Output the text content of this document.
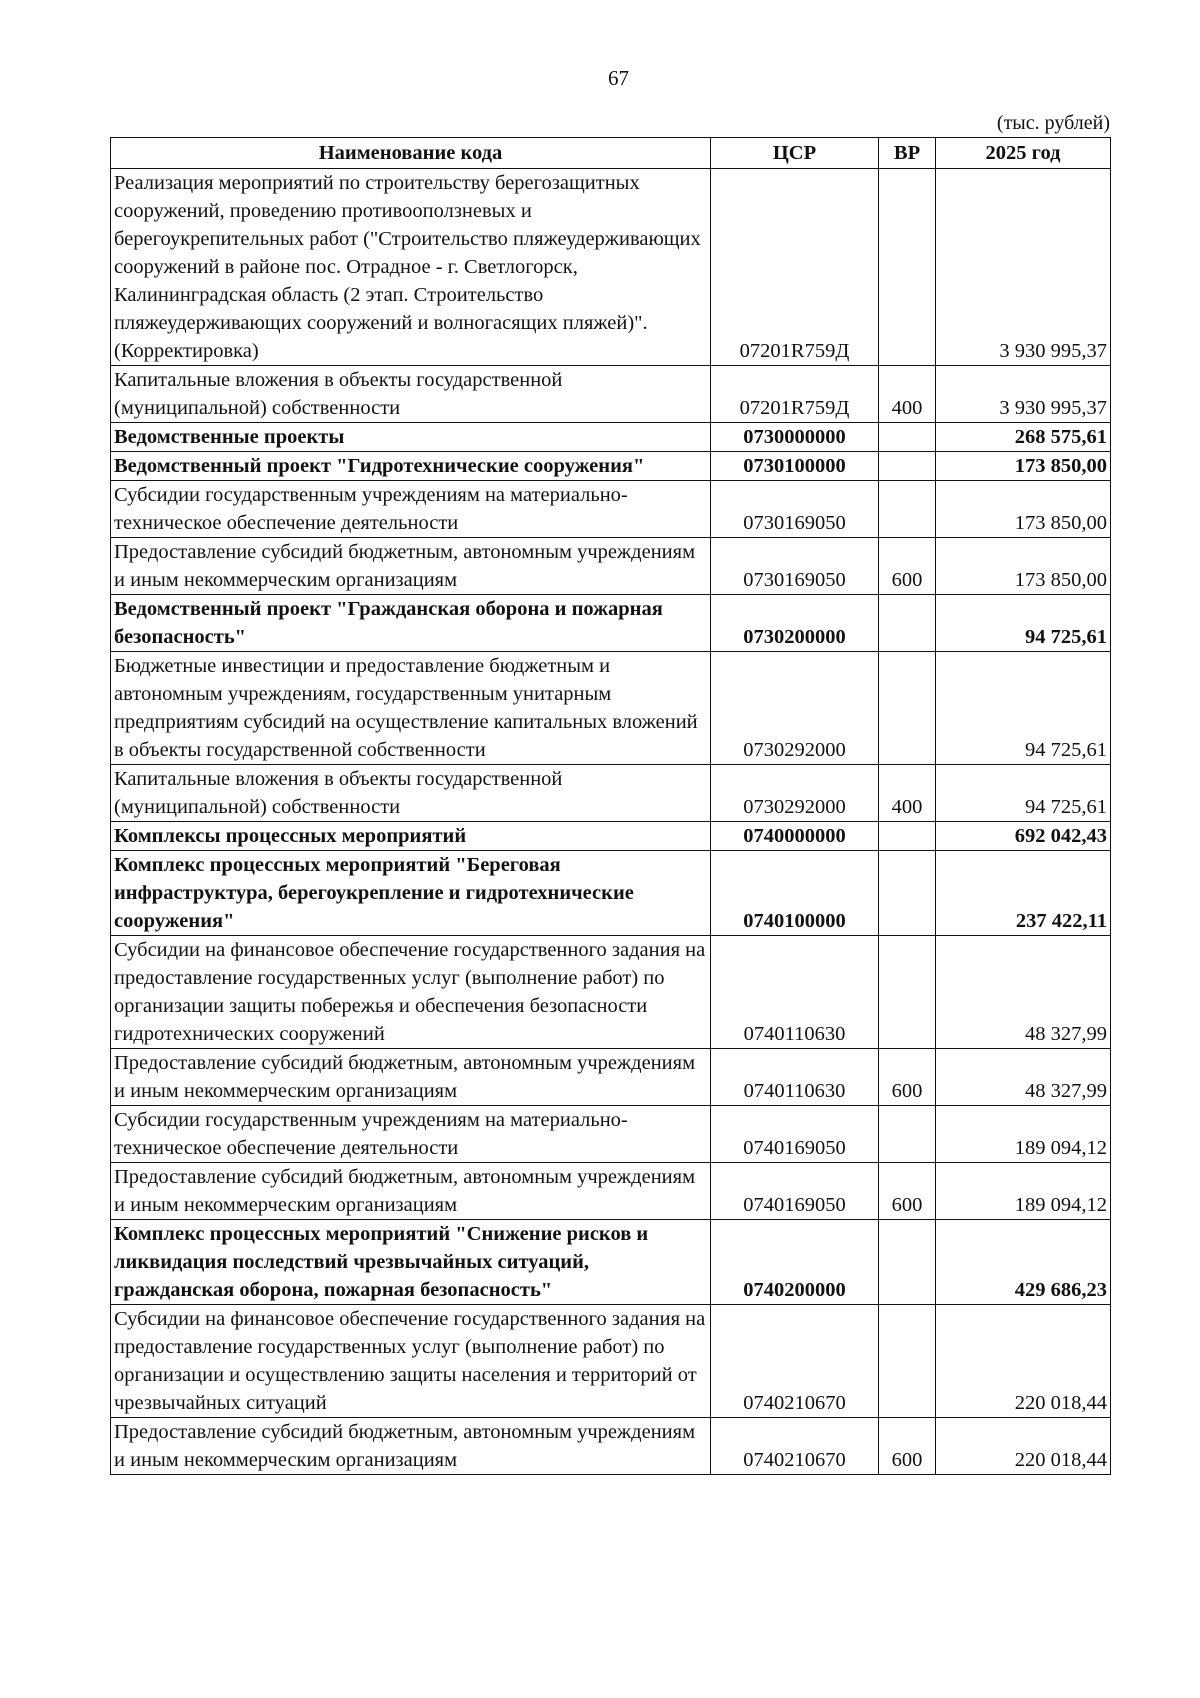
67
(тыс. рублей)
Наименование кода	ЦСР	ВР	2025 год
Реализация мероприятий по строительству берегозащитных сооружений, проведению противооползневых и берегоукрепительных работ ("Строительство пляжеудерживающих сооружений в районе пос. Отрадное - г. Светлогорск, Калининградская область (2 этап. Строительство пляжеудерживающих сооружений и волногасящих пляжей)". (Корректировка)	07201R759Д		3 930 995,37
Капитальные вложения в объекты государственной (муниципальной) собственности	07201R759Д	400	3 930 995,37
Ведомственные проекты	0730000000		268 575,61
Ведомственный проект "Гидротехнические сооружения"	0730100000		173 850,00
Субсидии государственным учреждениям на материально-техническое обеспечение деятельности	0730169050		173 850,00
Предоставление субсидий бюджетным, автономным учреждениям и иным некоммерческим организациям	0730169050	600	173 850,00
Ведомственный проект "Гражданская оборона и пожарная безопасность"	0730200000		94 725,61
Бюджетные инвестиции и предоставление бюджетным и автономным учреждениям, государственным унитарным предприятиям субсидий на осуществление капитальных вложений в объекты государственной собственности	0730292000		94 725,61
Капитальные вложения в объекты государственной (муниципальной) собственности	0730292000	400	94 725,61
Комплексы процессных мероприятий	0740000000		692 042,43
Комплекс процессных мероприятий "Береговая инфраструктура, берегоукрепление и гидротехнические сооружения"	0740100000		237 422,11
Субсидии на финансовое обеспечение государственного задания на предоставление государственных услуг (выполнение работ) по организации защиты побережья и обеспечения безопасности гидротехнических сооружений	0740110630		48 327,99
Предоставление субсидий бюджетным, автономным учреждениям и иным некоммерческим организациям	0740110630	600	48 327,99
Субсидии государственным учреждениям на материально-техническое обеспечение деятельности	0740169050		189 094,12
Предоставление субсидий бюджетным, автономным учреждениям и иным некоммерческим организациям	0740169050	600	189 094,12
Комплекс процессных мероприятий "Снижение рисков и ликвидация последствий чрезвычайных ситуаций, гражданская оборона, пожарная безопасность"	0740200000		429 686,23
Субсидии на финансовое обеспечение государственного задания на предоставление государственных услуг (выполнение работ) по организации и осуществлению защиты населения и территорий от чрезвычайных ситуаций	0740210670		220 018,44
Предоставление субсидий бюджетным, автономным учреждениям и иным некоммерческим организациям	0740210670	600	220 018,44
